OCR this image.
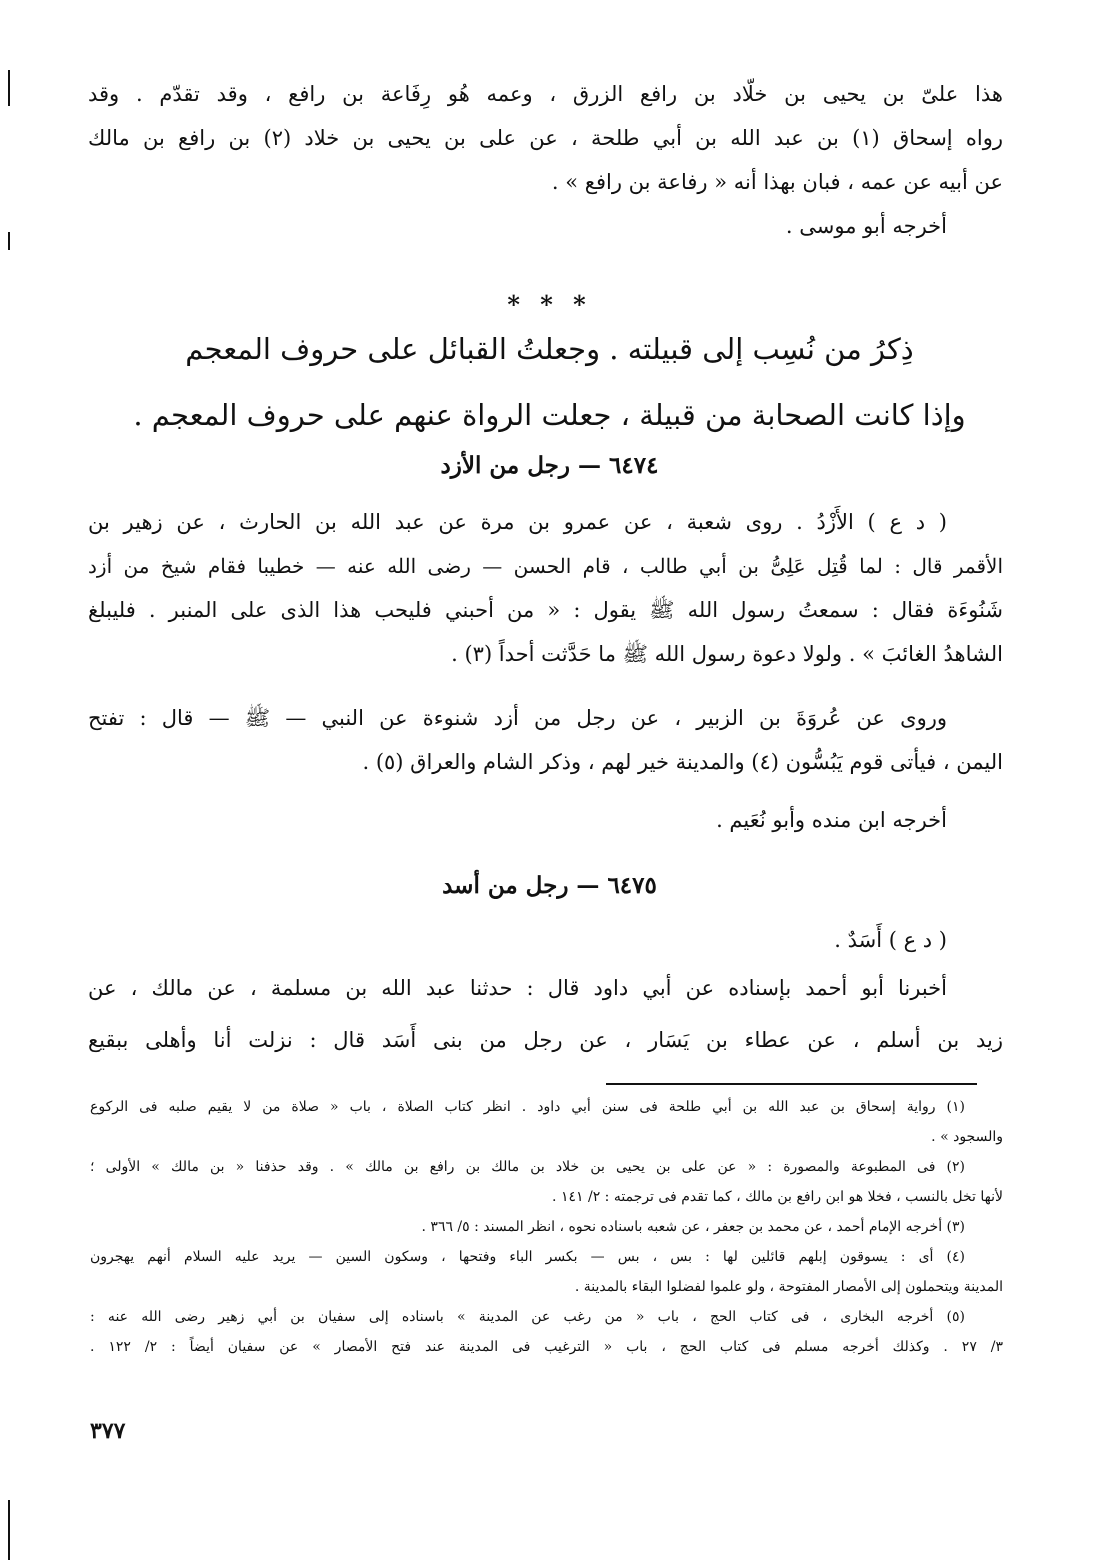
هذا علىّ بن يحيى بن خلّاد بن رافع الزرق ، وعمه هُو رِفَاعة بن رافع ، وقد تقدّم . وقد
رواه إسحاق (١) بن عبد الله بن أبي طلحة ، عن على بن يحيى بن خلاد (٢) بن رافع بن مالك
عن أبيه عن عمه ، فبان بهذا أنه « رفاعة بن رافع » .
أخرجه أبو موسى .
* * *
ذِكرُ من نُسِب إلى قبيلته . وجعلتُ القبائل على حروف المعجم
وإذا كانت الصحابة من قبيلة ، جعلت الرواة عنهم على حروف المعجم .
٦٤٧٤ — رجل من الأزد
( د ع ) الأَزْدُ . روى شعبة ، عن عمرو بن مرة عن عبد الله بن الحارث ، عن زهير بن
الأقمر قال : لما قُتِل عَلِىُّ بن أبي طالب ، قام الحسن — رضى الله عنه — خطيبا فقام شيخ من أزد
شَنُوءَة فقال : سمعتُ رسول الله ﷺ يقول : « من أحبني فليحب هذا الذى على المنبر . فليبلغ
الشاهدُ الغائبَ » . ولولا دعوة رسول الله ﷺ ما حَدَّثت أحداً (٣) .
وروى عن عُروَةَ بن الزبير ، عن رجل من أزد شنوءة عن النبي — ﷺ — قال : تفتح
اليمن ، فيأتى قوم يَبُسُّون (٤) والمدينة خير لهم ، وذكر الشام والعراق (٥) .
أخرجه ابن منده وأبو نُعَيم .
٦٤٧٥ — رجل من أسد
( د ع ) أَسَدٌ .
أخبرنا أبو أحمد بإسناده عن أبي داود قال : حدثنا عبد الله بن مسلمة ، عن مالك ، عن
زيد بن أسلم ، عن عطاء بن يَسَار ، عن رجل من بنى أَسَد قال : نزلت أنا وأهلى ببقيع
(١) رواية إسحاق بن عبد الله بن أبي طلحة فى سنن أبي داود . انظر كتاب الصلاة ، باب « صلاة من لا يقيم صلبه فى الركوع
والسجود » .
(٢) فى المطبوعة والمصورة : « عن على بن يحيى بن خلاد بن مالك بن رافع بن مالك » . وقد حذفنا « بن مالك » الأولى ؛
لأنها تخل بالنسب ، فخلا هو ابن رافع بن مالك ، كما تقدم فى ترجمته : ٢/ ١٤١ .
(٣) أخرجه الإمام أحمد ، عن محمد بن جعفر ، عن شعبه باسناده نحوه ، انظر المسند : ٥/ ٣٦٦ .
(٤) أى : يسوقون إبلهم قائلين لها : بس ، بس — بكسر الباء وفتحها ، وسكون السين — يريد عليه السلام أنهم يهجرون
المدينة ويتحملون إلى الأمصار المفتوحة ، ولو علموا لفضلوا البقاء بالمدينة .
(٥) أخرجه البخارى ، فى كتاب الحج ، باب « من رغب عن المدينة » باسناده إلى سفيان بن أبي زهير رضى الله عنه :
٣/ ٢٧ . وكذلك أخرجه مسلم فى كتاب الحج ، باب « الترغيب فى المدينة عند فتح الأمصار » عن سفيان أيضاً : ٢/ ١٢٢ .
٣٧٧
